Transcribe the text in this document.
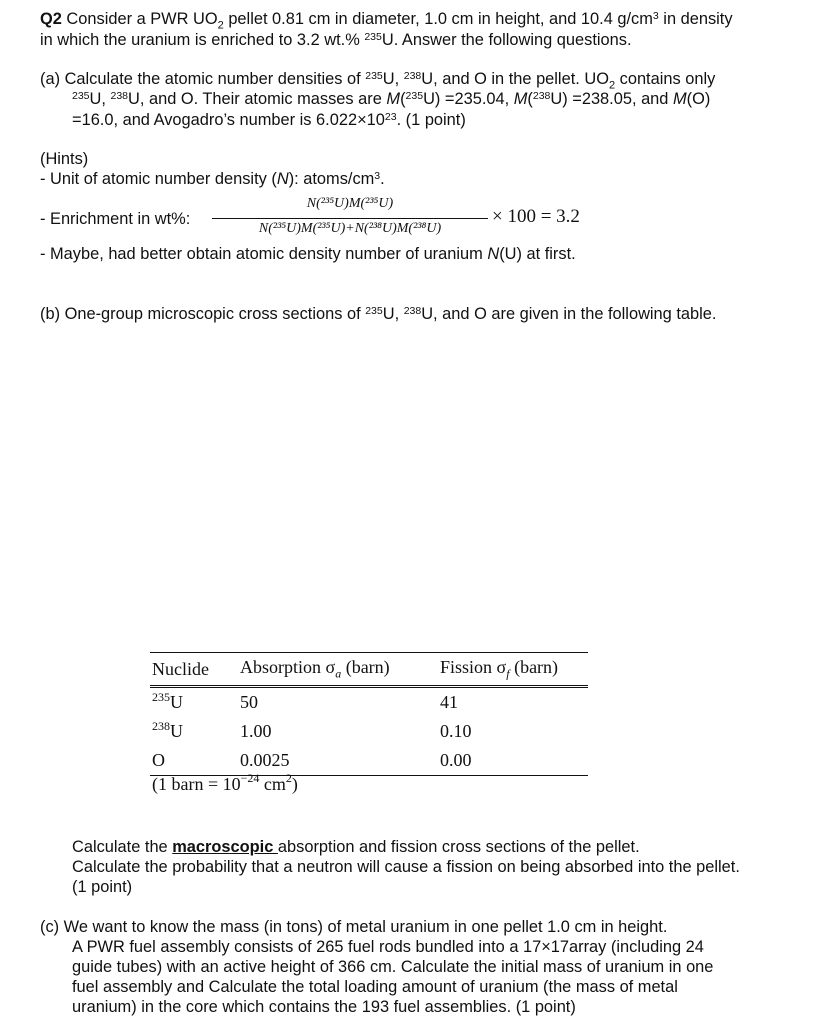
Q2 Consider a PWR $UO_2$ pellet 0.81 cm in diameter, 1.0 cm in height, and 10.4 $g/cm^3$ in density
in which the uranium is enriched to 3.2 wt.% $^{235}$U. Answer the following questions.
(a) Calculate the atomic number densities of $^{235}$U, $^{238}$U, and O in the pellet. $UO_2$ contains only
$^{235}$U, $^{238}$U, and O. Their atomic masses are M($^{235}$U) =235.04, M($^{238}$U) =238.05, and M(O)
=16.0, and Avogadro’s number is $6.022\times 10^{23}$. (1 point)
(Hints)
- Unit of atomic number density (N): atoms/$cm^3$.
- Enrichment in wt%:
N(²³⁵U)M(²³⁵U)
N(²³⁵U)M(²³⁵U)+N(²³⁸U)M(²³⁸U)
× 100 = 3.2
- Maybe, had better obtain atomic density number of uranium N(U) at first.
(b) One-group microscopic cross sections of $^{235}$U, $^{238}$U, and O are given in the following table.
Nuclide	Absorption $\sigma_a$ (barn)	Fission $\sigma_f$ (barn)
$^{235}$U	50	41
$^{238}$U	1.00	0.10
O	0.0025	0.00
(1 barn = $10^{-24}$ $cm^2$)
Calculate the macroscopic absorption and fission cross sections of the pellet.
Calculate the probability that a neutron will cause a fission on being absorbed into the pellet.
(1 point)
(c) We want to know the mass (in tons) of metal uranium in one pellet 1.0 cm in height.
A PWR fuel assembly consists of 265 fuel rods bundled into a 17×17array (including 24
guide tubes) with an active height of 366 cm. Calculate the initial mass of uranium in one
fuel assembly and Calculate the total loading amount of uranium (the mass of metal
uranium) in the core which contains the 193 fuel assemblies. (1 point)
